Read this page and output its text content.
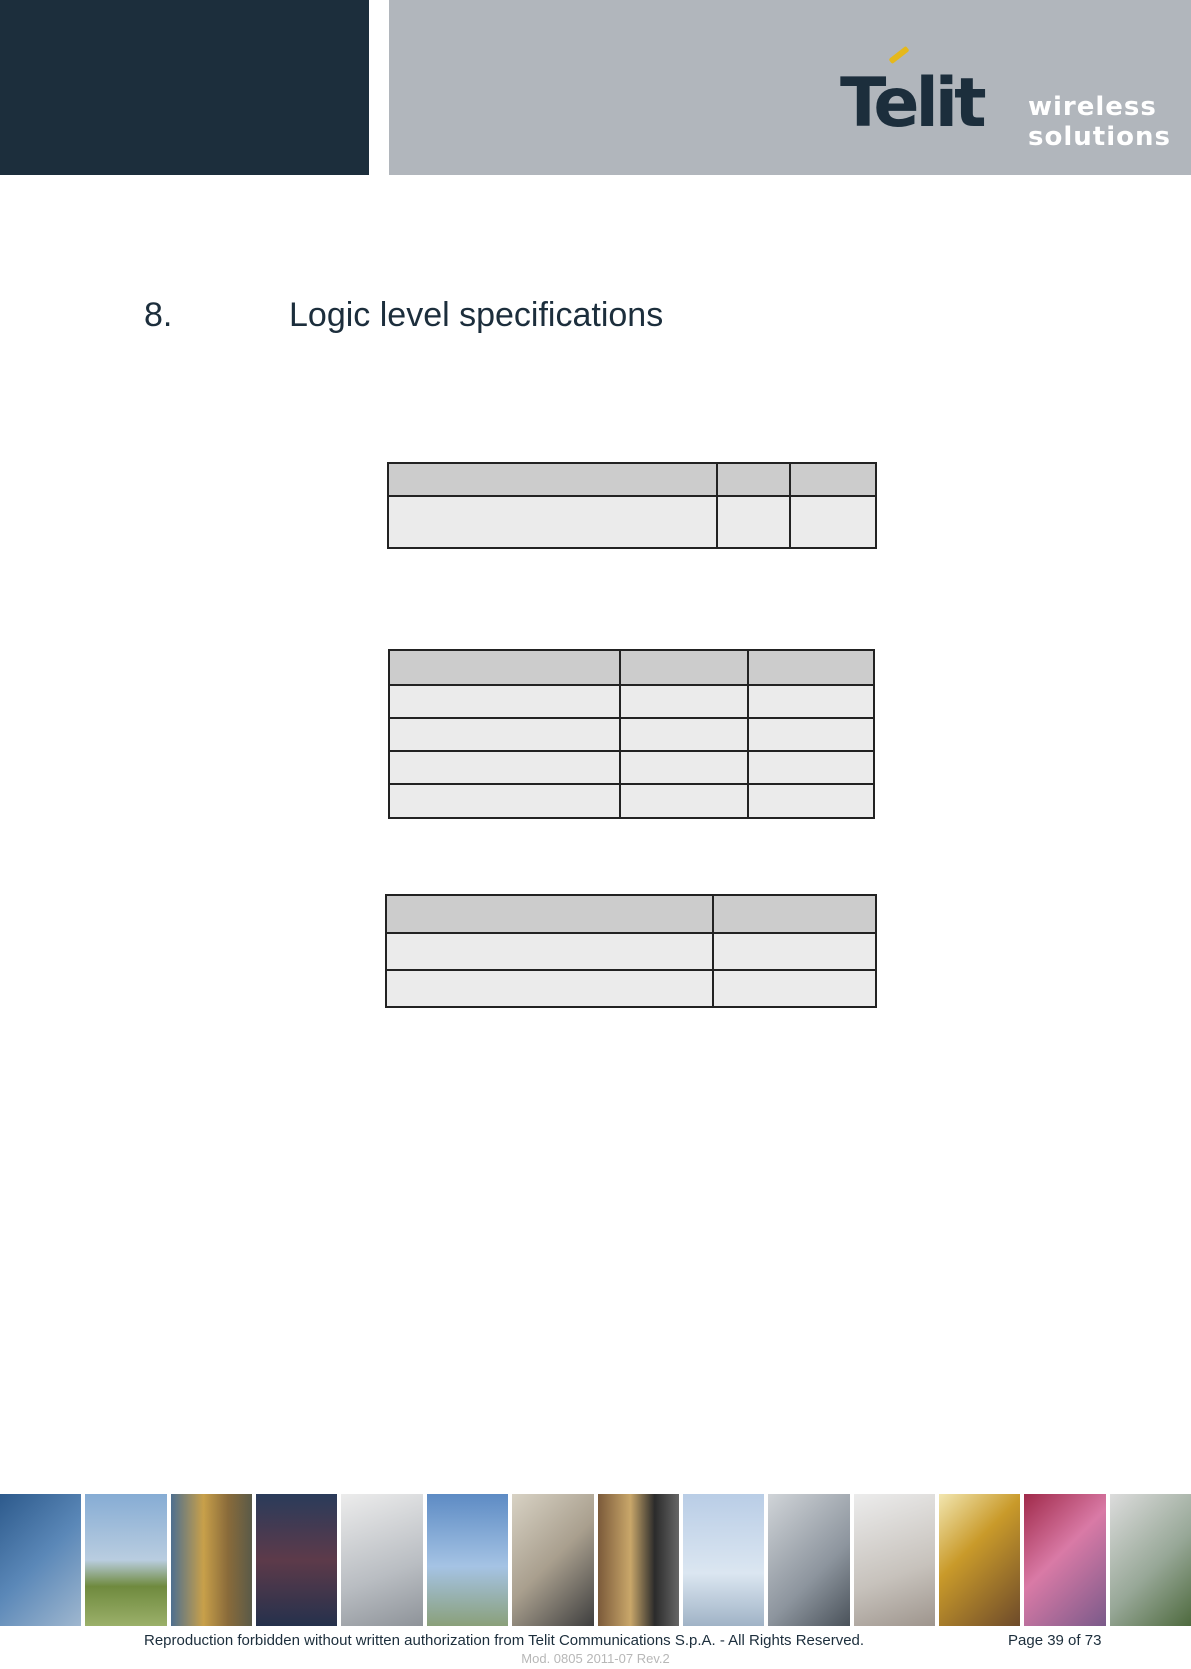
Telit wireless
solutions
8.	Logic level specifications

Reproduction forbidden without written authorization from Telit Communications S.p.A. - All Rights Reserved.	Page 39 of 73
Mod. 0805 2011-07 Rev.2
